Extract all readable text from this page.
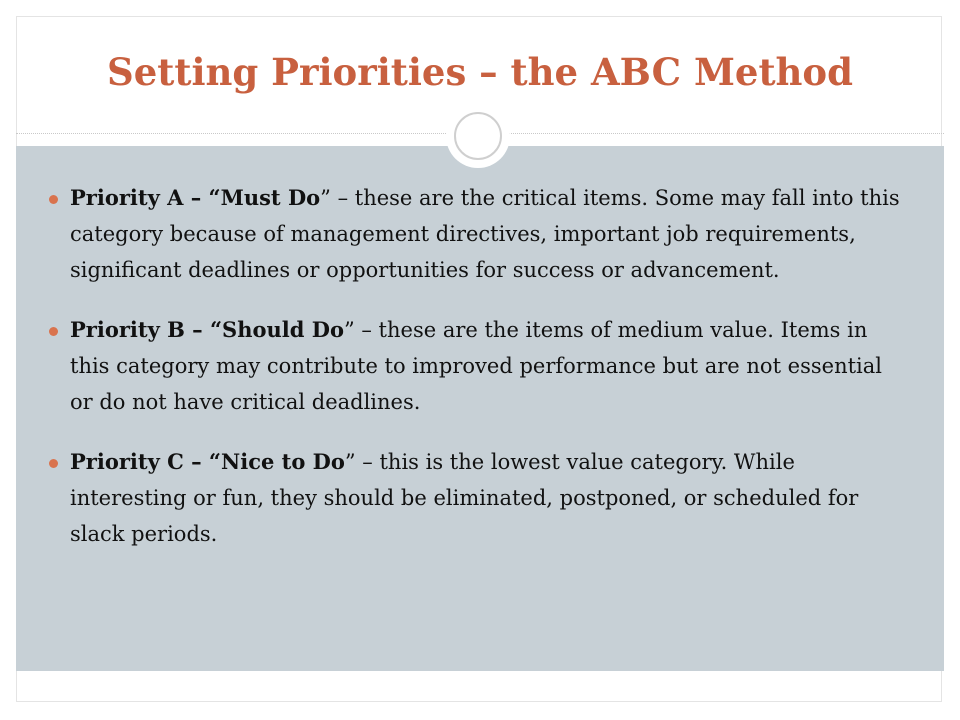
Setting Priorities – the ABC Method
Priority A – “Must Do” – these are the critical items. Some may fall into this category because of management directives, important job requirements, significant deadlines or opportunities for success or advancement.
Priority B – “Should Do” – these are the items of medium value. Items in this category may contribute to improved performance but are not essential or do not have critical deadlines.
Priority C – “Nice to Do” – this is the lowest value category. While interesting or fun, they should be eliminated, postponed, or scheduled for slack periods.
